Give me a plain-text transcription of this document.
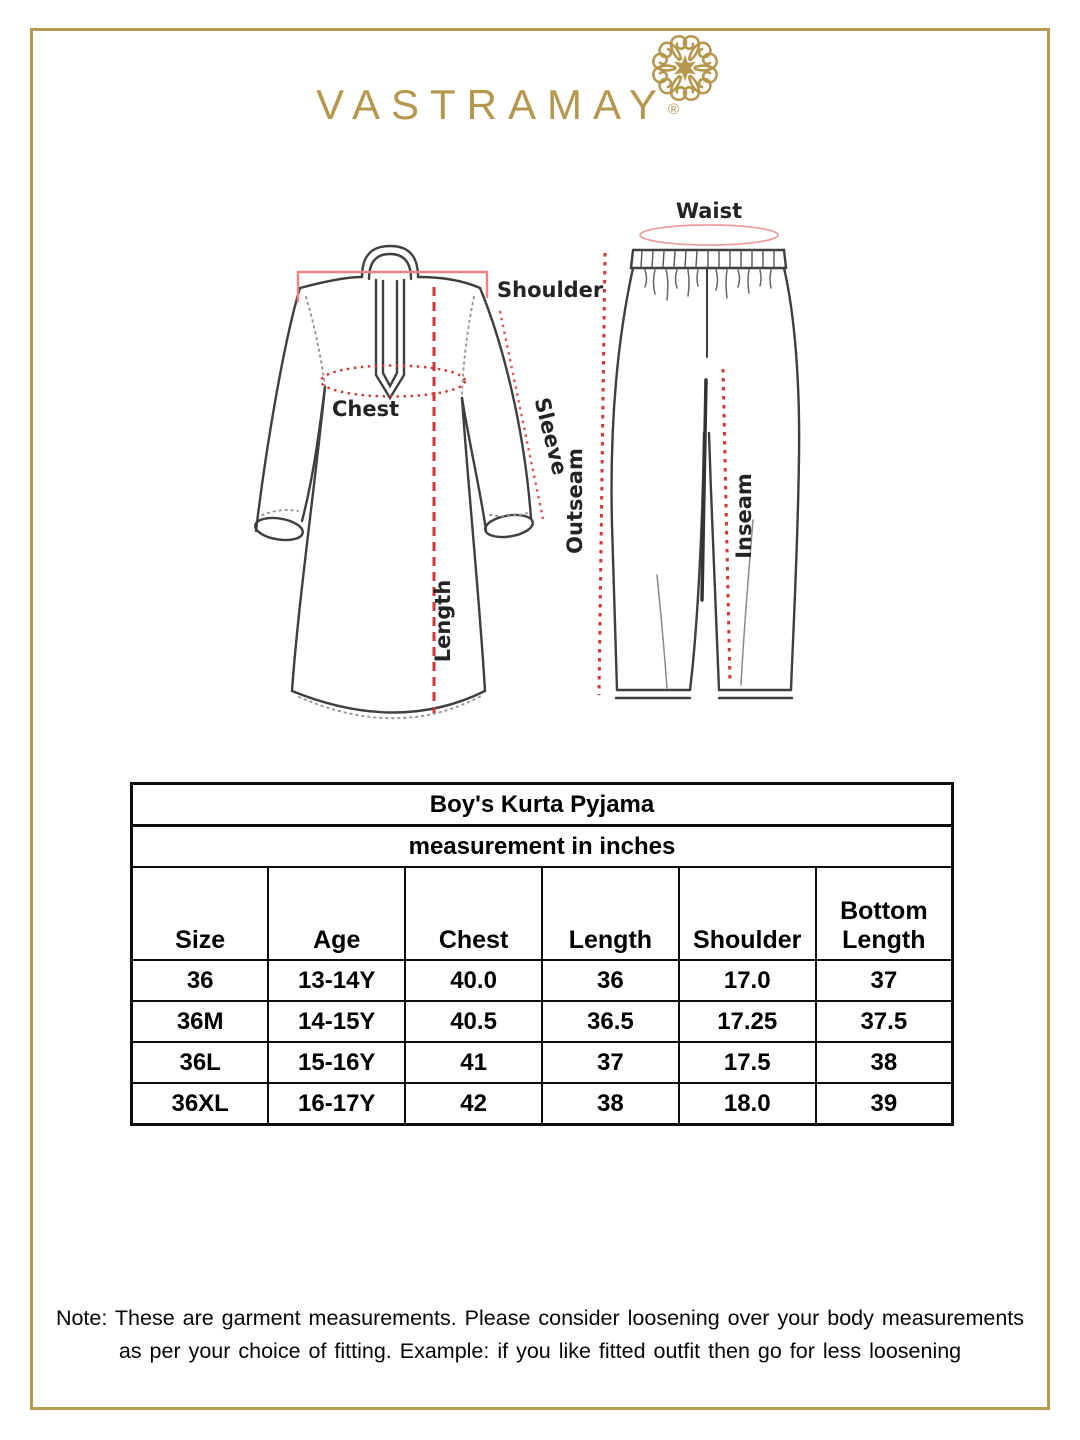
VASTRAMAY ®
Shoulder
Chest	Sleeve
Length
Waist
Outseam	Inseam
Boy's Kurta Pyjama					
measurement in inches					
Size	Age	Chest	Length	Shoulder	Bottom Length
36	13-14Y	40.0	36	17.0	37
36M	14-15Y	40.5	36.5	17.25	37.5
36L	15-16Y	41	37	17.5	38
36XL	16-17Y	42	38	18.0	39
Note: These are garment measurements. Please consider loosening over your body measurements
as per your choice of fitting. Example: if you like fitted outfit then go for less loosening
